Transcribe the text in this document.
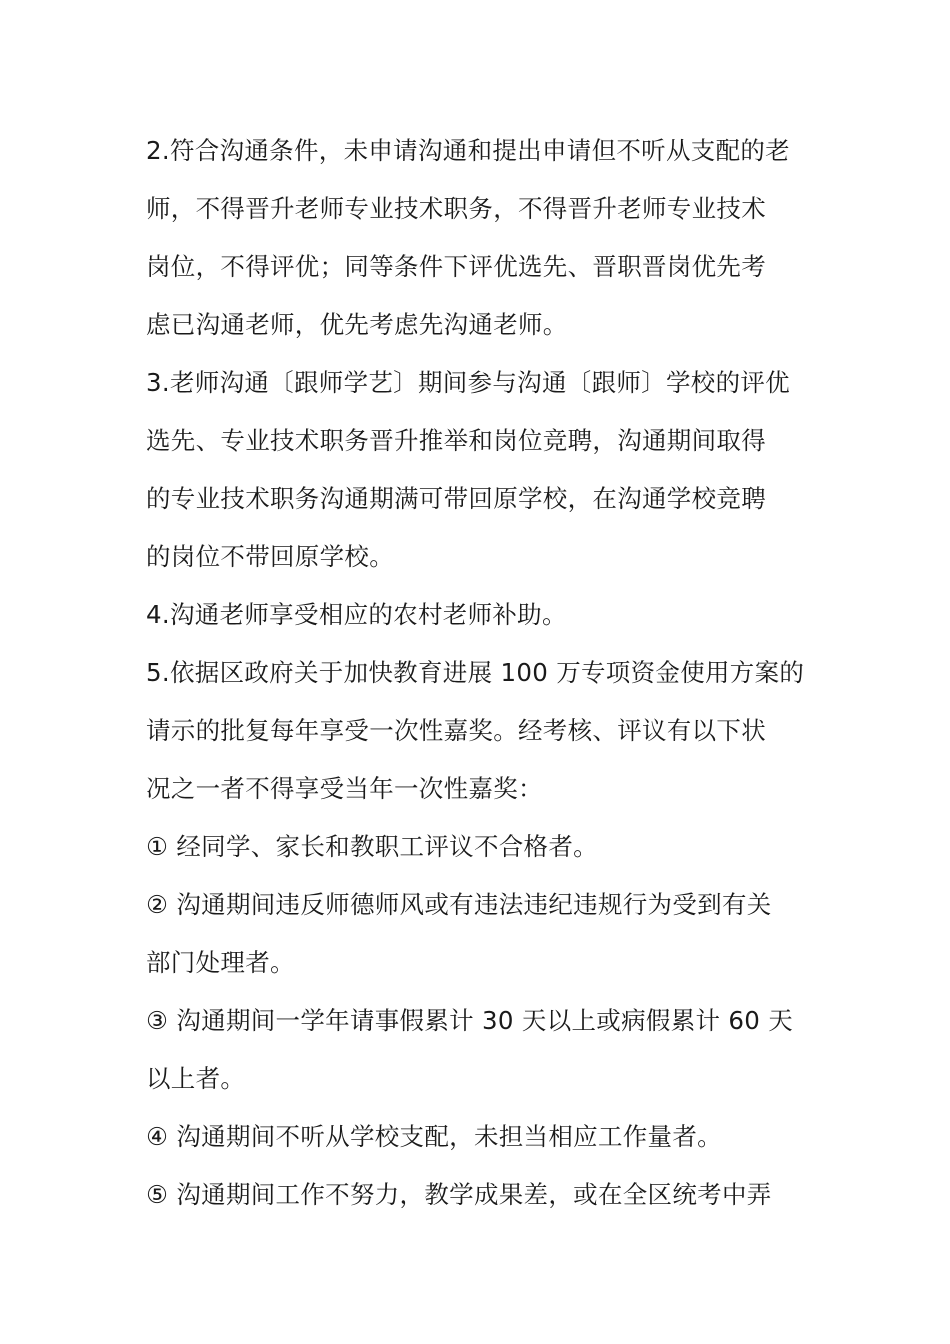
2.符合沟通条件，未申请沟通和提出申请但不听从支配的老
师，不得晋升老师专业技术职务，不得晋升老师专业技术
岗位，不得评优；同等条件下评优选先、晋职晋岗优先考
虑已沟通老师，优先考虑先沟通老师。
3.老师沟通〔跟师学艺〕期间参与沟通〔跟师〕学校的评优
选先、专业技术职务晋升推举和岗位竞聘，沟通期间取得
的专业技术职务沟通期满可带回原学校，在沟通学校竞聘
的岗位不带回原学校。
4.沟通老师享受相应的农村老师补助。
5.依据区政府关于加快教育进展 100 万专项资金使用方案的
请示的批复每年享受一次性嘉奖。经考核、评议有以下状
况之一者不得享受当年一次性嘉奖：
① 经同学、家长和教职工评议不合格者。
② 沟通期间违反师德师风或有违法违纪违规行为受到有关
部门处理者。
③ 沟通期间一学年请事假累计 30 天以上或病假累计 60 天
以上者。
④ 沟通期间不听从学校支配，未担当相应工作量者。
⑤ 沟通期间工作不努力，教学成果差，或在全区统考中弄
